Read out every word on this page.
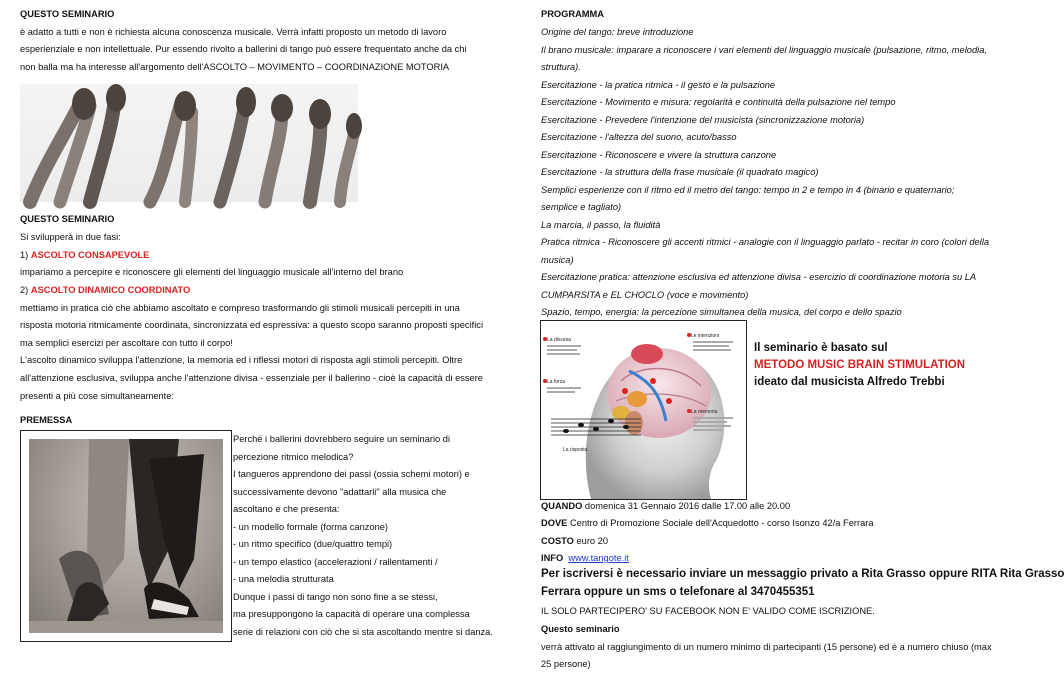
QUESTO SEMINARIO
è adatto a tutti e non è richiesta alcuna conoscenza musicale. Verrà infatti proposto un metodo di lavoro
esperienziale e non intellettuale. Pur essendo rivolto a ballerini di tango può essere frequentato anche da chi
non balla ma ha interesse all'argomento dell'ASCOLTO – MOVIMENTO – COORDINAZIONE MOTORIA
QUESTO SEMINARIO
Si svilupperà in due fasi:
1) ASCOLTO CONSAPEVOLE
impariamo a percepire e riconoscere gli elementi del linguaggio musicale all'interno del brano
2) ASCOLTO DINAMICO COORDINATO
mettiamo in pratica ciò che abbiamo ascoltato e compreso trasformando gli stimoli musicali percepiti in una
risposta motoria ritmicamente coordinata, sincronizzata ed espressiva: a questo scopo saranno proposti specifici
ma semplici esercizi per ascoltare con tutto il corpo!
L'ascolto dinamico sviluppa l'attenzione, la memoria ed i riflessi motori di risposta agli stimoli percepiti. Oltre
all'attenzione esclusiva, sviluppa anche l'attenzione divisa - essenziale per il ballerino - cioè la capacità di essere
presenti a più cose simultaneamente:
PREMESSA
Perché i ballerini dovrebbero seguire un seminario di
percezione ritmico melodica?
I tangueros apprendono dei passi (ossia schemi motori) e
successivamente devono "adattarli" alla musica che
ascoltano e che presenta:
- un modello formale (forma canzone)
- un ritmo specifico (due/quattro tempi)
- un tempo elastico (accelerazioni / rallentamenti /
- una melodia strutturata
Dunque i passi di tango non sono fine a se stessi,
ma presuppongono la capacità di operare una complessa
serie di relazioni con ciò che si sta ascoltando mentre si danza.
PROGRAMMA
Origine del tango: breve introduzione
Il brano musicale: imparare a riconoscere i vari elementi del linguaggio musicale (pulsazione, ritmo, melodia,
struttura).
Esercitazione - la pratica ritmica - il gesto e la pulsazione
Esercitazione - Movimento e misura: regolarità e continuità della pulsazione nel tempo
Esercitazione - Prevedere l'intenzione del musicista (sincronizzazione motoria)
Esercitazione - l'altezza del suono, acuto/basso
Esercitazione - Riconoscere e vivere la struttura canzone
Esercitazione - la struttura della frase musicale (il quadrato magico)
Semplici esperienze con il ritmo ed il metro del tango: tempo in 2 e tempo in 4 (binario e quaternario;
semplice e tagliato)
La marcia, il passo, la fluidità
Pratica ritmica - Riconoscere gli accenti ritmici - analogie con il linguaggio parlato - recitar in coro (colori della
musica)
Esercitazione pratica: attenzione esclusiva ed attenzione divisa - esercizio di coordinazione motoria su LA
CUMPARSITA e EL CHOCLO (voce e movimento)
Spazio, tempo, energia: la percezione simultanea della musica, del corpo e dello spazio
La discesa
La forza
Le intenzioni
La memoria
La risposta
Il seminario è basato sul
METODO MUSIC BRAIN STIMULATION
ideato dal musicista Alfredo Trebbi
QUANDO domenica 31 Gennaio 2016 dalle 17.00 alle 20.00
DOVE Centro di Promozione Sociale dell'Acquedotto - corso Isonzo 42/a Ferrara
COSTO euro 20
INFO www.tangote.it
Per iscriversi è necessario inviare un messaggio privato a Rita Grasso oppure RITA Rita Grasso
Ferrara oppure un sms o telefonare al 3470455351
IL SOLO PARTECIPERO' SU FACEBOOK NON E' VALIDO COME ISCRIZIONE.
Questo seminario
verrà attivato al raggiungimento di un numero minimo di partecipanti (15 persone) ed è a numero chiuso (max
25 persone)
